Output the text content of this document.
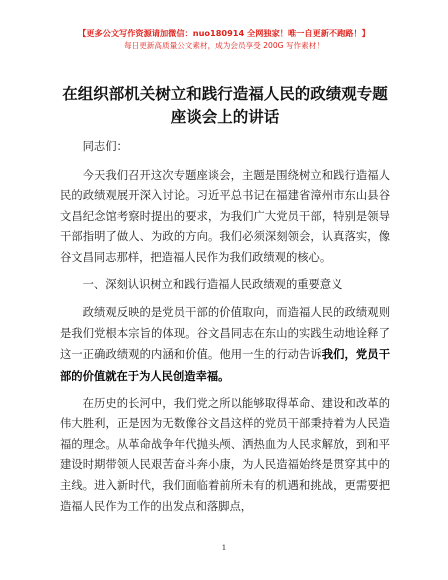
【更多公文写作资源请加微信：nuo180914 全网独家！唯一自更新不跑路！】
每日更新高质量公文素材，成为会员享受 200G 写作素材！
在组织部机关树立和践行造福人民的政绩观专题座谈会上的讲话

同志们：

今天我们召开这次专题座谈会，主题是围绕树立和践行造福人民的政绩观展开深入讨论。习近平总书记在福建省漳州市东山县谷文昌纪念馆考察时提出的要求，为我们广大党员干部，特别是领导干部指明了做人、为政的方向。我们必须深刻领会，认真落实，像谷文昌同志那样，把造福人民作为我们政绩观的核心。

一、深刻认识树立和践行造福人民政绩观的重要意义

政绩观反映的是党员干部的价值取向，而造福人民的政绩观则是我们党根本宗旨的体现。谷文昌同志在东山的实践生动地诠释了这一正确政绩观的内涵和价值。他用一生的行动告诉我们，党员干部的价值就在于为人民创造幸福。

在历史的长河中，我们党之所以能够取得革命、建设和改革的伟大胜利，正是因为无数像谷文昌这样的党员干部秉持着为人民造福的理念。从革命战争年代抛头颅、洒热血为人民求解放，到和平建设时期带领人民艰苦奋斗奔小康，为人民造福始终是贯穿其中的主线。进入新时代，我们面临着前所未有的机遇和挑战，更需要把造福人民作为工作的出发点和落脚点，

1
